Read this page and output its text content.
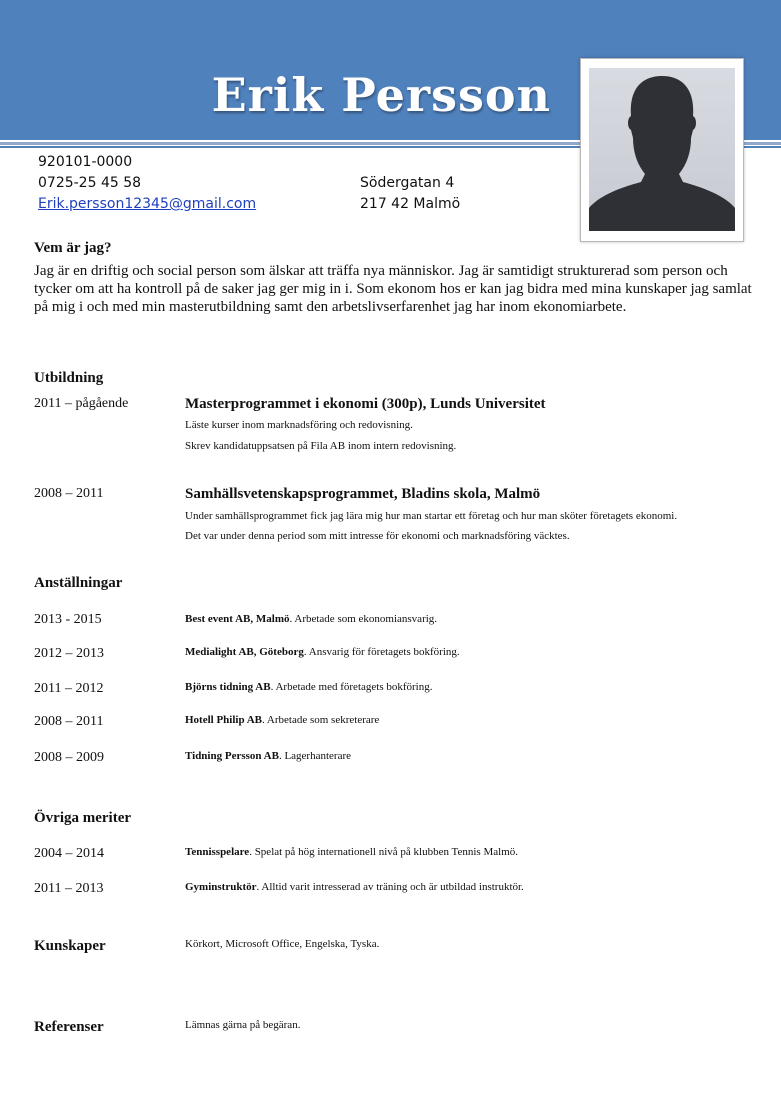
Erik Persson
920101-0000
0725-25 45 58
Erik.persson12345@gmail.com
Södergatan 4
217 42 Malmö
Vem är jag?
Jag är en driftig och social person som älskar att träffa nya människor. Jag är samtidigt strukturerad som person och tycker om att ha kontroll på de saker jag ger mig in i. Som ekonom hos er kan jag bidra med mina kunskaper jag samlat på mig i och med min masterutbildning samt den arbetslivserfarenhet jag har inom ekonomiarbete.
Utbildning
2011 – pågående	Masterprogrammet i ekonomi (300p), Lunds Universitet
Läste kurser inom marknadsföring och redovisning.
Skrev kandidatuppsatsen på Fila AB inom intern redovisning.
2008 – 2011	Samhällsvetenskapsprogrammet, Bladins skola, Malmö
Under samhällsprogrammet fick jag lära mig hur man startar ett företag och hur man sköter företagets ekonomi.
Det var under denna period som mitt intresse för ekonomi och marknadsföring väcktes.
Anställningar
2013 - 2015	Best event AB, Malmö. Arbetade som ekonomiansvarig.
2012 – 2013	Medialight AB, Göteborg. Ansvarig för företagets bokföring.
2011 – 2012	Björns tidning AB. Arbetade med företagets bokföring.
2008 – 2011	Hotell Philip AB. Arbetade som sekreterare
2008 – 2009	Tidning Persson AB. Lagerhanterare
Övriga meriter
2004 – 2014	Tennisspelare. Spelat på hög internationell nivå på klubben Tennis Malmö.
2011 – 2013	Gyminstruktör. Alltid varit intresserad av träning och är utbildad instruktör.
Kunskaper	Körkort, Microsoft Office, Engelska, Tyska.
Referenser	Lämnas gärna på begäran.
